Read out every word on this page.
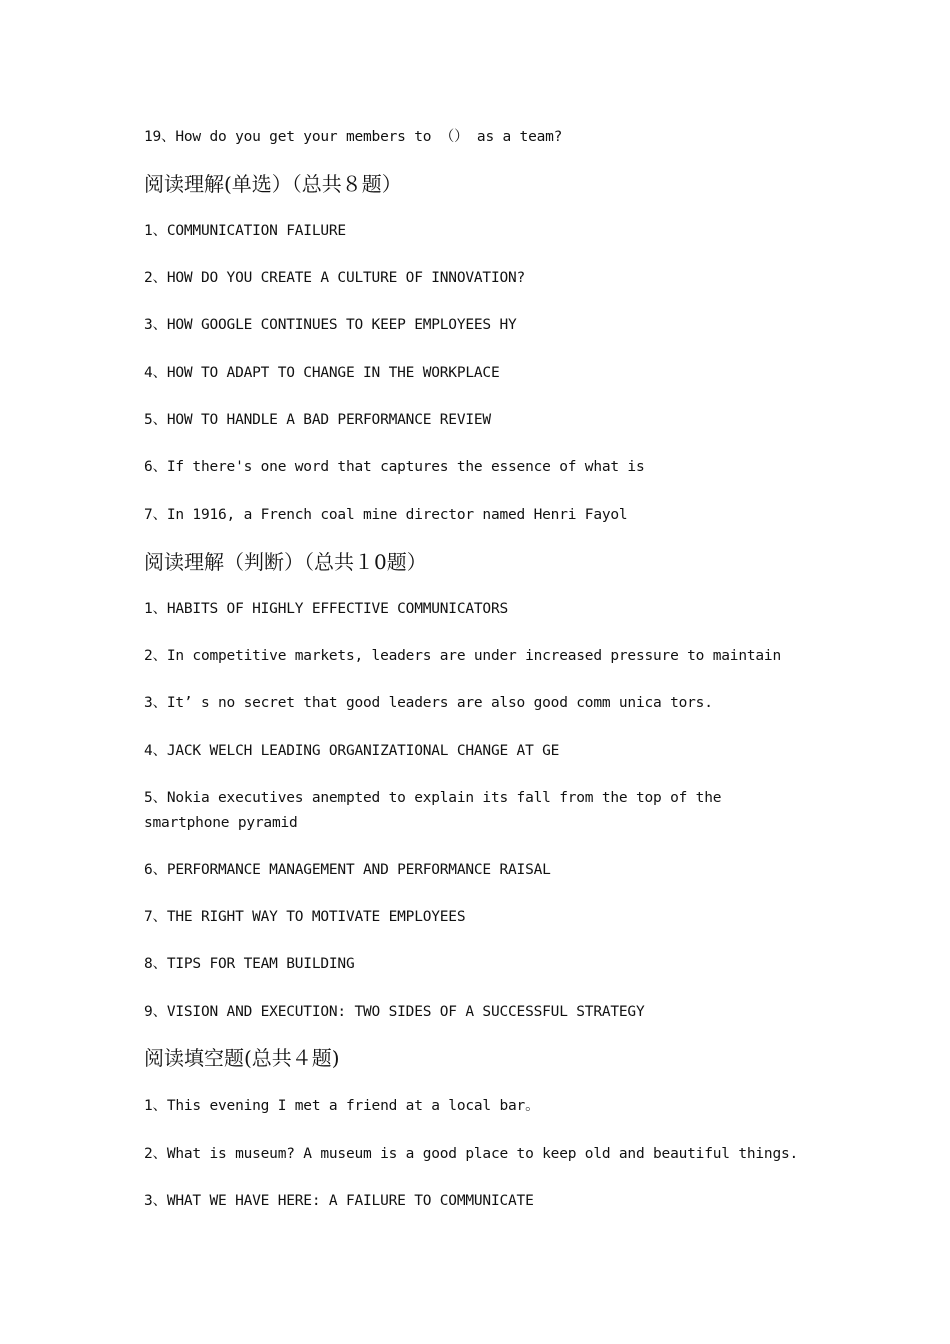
19、How do you get your members to （） as a team?
阅读理解(单选）（总共８题）
1、COMMUNICATION FAILURE
2、HOW DO YOU CREATE A CULTURE OF INNOVATION?
3、HOW GOOGLE CONTINUES TO KEEP EMPLOYEES HY
4、HOW TO ADAPT TO CHANGE IN THE WORKPLACE
5、HOW TO HANDLE A BAD PERFORMANCE REVIEW
6、If there's one word that captures the essence of what is
7、In 1916, a French coal mine director named Henri Fayol
阅读理解（判断）（总共１0题）
1、HABITS OF HIGHLY EFFECTIVE COMMUNICATORS
2、In competitive markets, leaders are under increased pressure to maintain
3、It’ s no secret that good leaders are also good comm unica tors.
4、JACK WELCH LEADING ORGANIZATIONAL CHANGE AT GE
5、Nokia executives anempted to explain its fall from the top of the smartphone pyramid
6、PERFORMANCE MANAGEMENT AND PERFORMANCE RAISAL
7、THE RIGHT WAY TO MOTIVATE EMPLOYEES
8、TIPS FOR TEAM BUILDING
9、VISION AND EXECUTION: TWO SIDES OF A SUCCESSFUL STRATEGY
阅读填空题(总共４题)
1、This evening I met a friend at a local bar。
2、What is museum? A museum is a good place to keep old and beautiful things.
3、WHAT WE HAVE HERE: A FAILURE TO COMMUNICATE
